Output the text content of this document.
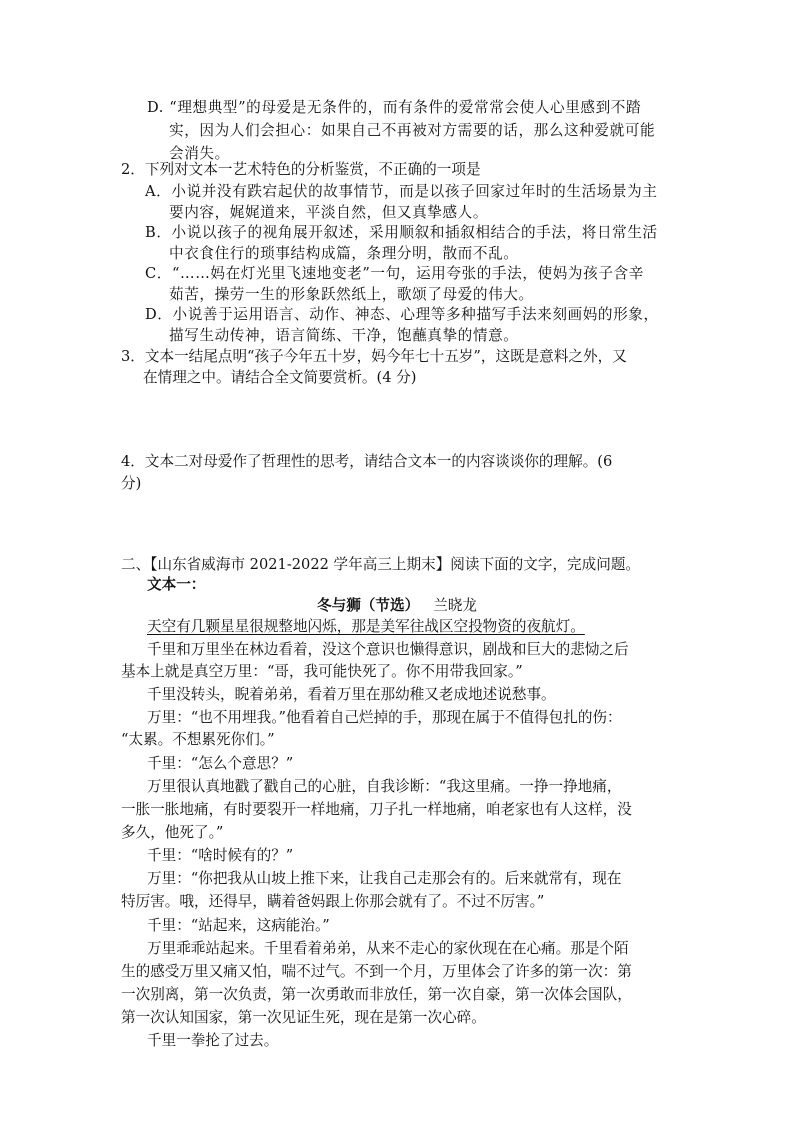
D. “理想典型”的母爱是无条件的，而有条件的爱常常会使人心里感到不踏
实，因为人们会担心：如果自己不再被对方需要的话，那么这种爱就可能
会消失。
2．下列对文本一艺术特色的分析鉴赏，不正确的一项是
A．小说并没有跌宕起伏的故事情节，而是以孩子回家过年时的生活场景为主
要内容，娓娓道来，平淡自然，但又真挚感人。
B．小说以孩子的视角展开叙述，采用顺叙和插叙相结合的手法，将日常生活
中衣食住行的琐事结构成篇，条理分明，散而不乱。
C．“……妈在灯光里飞速地变老”一句，运用夸张的手法，使妈为孩子含辛
茹苦，操劳一生的形象跃然纸上，歌颂了母爱的伟大。
D．小说善于运用语言、动作、神态、心理等多种描写手法来刻画妈的形象，
描写生动传神，语言简练、干净，饱蘸真挚的情意。
3．文本一结尾点明“孩子今年五十岁，妈今年七十五岁”，这既是意料之外，又
在情理之中。请结合全文简要赏析。(4 分)
4．文本二对母爱作了哲理性的思考，请结合文本一的内容谈谈你的理解。(6
分)
二、【山东省威海市 2021-2022 学年高三上期末】阅读下面的文字，完成问题。
文本一：
冬与狮（节选） 兰晓龙
天空有几颗星星很规整地闪烁，那是美军往战区空投物资的夜航灯。
千里和万里坐在林边看着，没这个意识也懒得意识，剧战和巨大的悲恸之后
基本上就是真空万里：“哥，我可能快死了。你不用带我回家。”
千里没转头，睨着弟弟，看着万里在那幼稚又老成地述说愁事。
万里：“也不用埋我。”他看着自己烂掉的手，那现在属于不值得包扎的伤：
“太累。不想累死你们。”
千里：“怎么个意思？”
万里很认真地戳了戳自己的心脏，自我诊断：“我这里痛。一挣一挣地痛，
一胀一胀地痛，有时要裂开一样地痛，刀子扎一样地痛，咱老家也有人这样，没
多久，他死了。”
千里：“啥时候有的？”
万里：“你把我从山坡上推下来，让我自己走那会有的。后来就常有，现在
特厉害。哦，还得早，瞒着爸妈跟上你那会就有了。不过不厉害。”
千里：“站起来，这病能治。”
万里乖乖站起来。千里看着弟弟，从来不走心的家伙现在在心痛。那是个陌
生的感受万里又痛又怕，喘不过气。不到一个月，万里体会了许多的第一次：第
一次别离，第一次负责，第一次勇敢而非放任，第一次自豪，第一次体会国队，
第一次认知国家，第一次见证生死，现在是第一次心碎。
千里一拳抡了过去。
